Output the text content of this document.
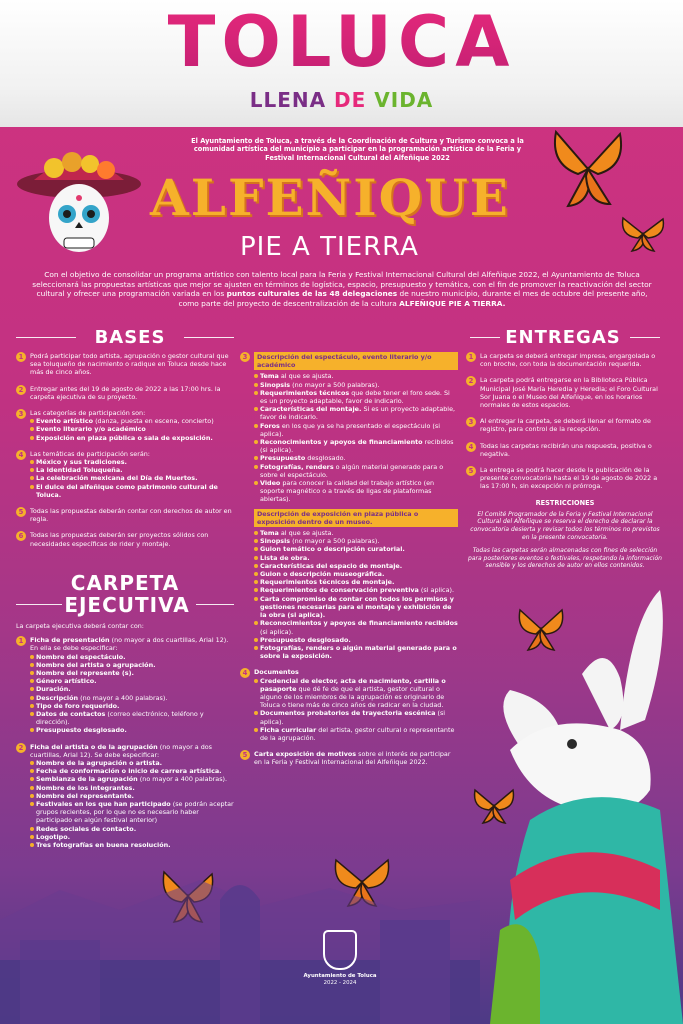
TOLUCA
LLENA DE VIDA
El Ayuntamiento de Toluca, a través de la Coordinación de Cultura y Turismo convoca a la comunidad artística del municipio a participar en la programación artística de la Feria y Festival Internacional Cultural del Alfeñique 2022
ALFEÑIQUE
PIE A TIERRA
Con el objetivo de consolidar un programa artístico con talento local para la Feria y Festival Internacional Cultural del Alfeñique 2022, el Ayuntamiento de Toluca seleccionará las propuestas artísticas que mejor se ajusten en términos de logística, espacio, presupuesto y temática, con el fin de promover la reactivación del sector cultural y ofrecer una programación variada en los puntos culturales de las 48 delegaciones de nuestro municipio, durante el mes de octubre del presente año, como parte del proyecto de descentralización de la cultura ALFEÑIQUE PIE A TIERRA.
BASES	ENTREGAS
1	Podrá participar todo artista, agrupación o gestor cultural que sea toluqueño de nacimiento o radique en Toluca desde hace más de cinco años.
2	Entregar antes del 19 de agosto de 2022 a las 17:00 hrs. la carpeta ejecutiva de su proyecto.
3	Las categorías de participación son:
Evento artístico (danza, puesta en escena, concierto)
Evento literario y/o académico
Exposición en plaza pública o sala de exposición.
4	Las temáticas de participación serán:
México y sus tradiciones.
La identidad Toluqueña.
La celebración mexicana del Día de Muertos.
El dulce del alfeñique como patrimonio cultural de Toluca.
5	Todas las propuestas deberán contar con derechos de autor en regla.
6	Todas las propuestas deberán ser proyectos sólidos con necesidades específicas de rider y montaje.
CARPETA
EJECUTIVA
La carpeta ejecutiva deberá contar con:
1	Ficha de presentación (no mayor a dos cuartillas, Arial 12). En ella se debe especificar:
Nombre del espectáculo.
Nombre del artista o agrupación.
Nombre del represente (s).
Género artístico.
Duración.
Descripción (no mayor a 400 palabras).
Tipo de foro requerido.
Datos de contactos (correo electrónico, teléfono y dirección).
Presupuesto desglosado.
2	Ficha del artista o de la agrupación (no mayor a dos cuartillas, Arial 12). Se debe especificar:
Nombre de la agrupación o artista.
Fecha de conformación o inicio de carrera artística.
Semblanza de la agrupación (no mayor a 400 palabras).
Nombre de los integrantes.
Nombre del representante.
Festivales en los que han participado (se podrán aceptar grupos recientes, por lo que no es necesario haber participado en algún festival anterior)
Redes sociales de contacto.
Logotipo.
Tres fotografías en buena resolución.
3	Descripción del espectáculo, evento literario y/o académico
Tema al que se ajusta.
Sinopsis (no mayor a 500 palabras).
Requerimientos técnicos que debe tener el foro sede. Si es un proyecto adaptable, favor de indicarlo.
Características del montaje. Si es un proyecto adaptable, favor de indicarlo.
Foros en los que ya se ha presentado el espectáculo (si aplica).
Reconocimientos y apoyos de financiamiento recibidos (si aplica).
Presupuesto desglosado.
Fotografías, renders o algún material generado para o sobre el espectáculo.
Video para conocer la calidad del trabajo artístico (en soporte magnético o a través de ligas de plataformas abiertas).
Descripción de exposición en plaza pública o exposición dentro de un museo.
Tema al que se ajusta.
Sinopsis (no mayor a 500 palabras).
Guion temático o descripción curatorial.
Lista de obra.
Características del espacio de montaje.
Guion o descripción museográfica.
Requerimientos técnicos de montaje.
Requerimientos de conservación preventiva (si aplica).
Carta compromiso de contar con todos los permisos y gestiones necesarias para el montaje y exhibición de la obra (si aplica).
Reconocimientos y apoyos de financiamiento recibidos (si aplica).
Presupuesto desglosado.
Fotografías, renders o algún material generado para o sobre la exposición.
4	Documentos
Credencial de elector, acta de nacimiento, cartilla o pasaporte que dé fe de que el artista, gestor cultural o alguno de los miembros de la agrupación es originario de Toluca o tiene más de cinco años de radicar en la ciudad.
Documentos probatorios de trayectoria escénica (si aplica).
Ficha curricular del artista, gestor cultural o representante de la agrupación.
5	Carta exposición de motivos sobre el interés de participar en la Feria y Festival Internacional del Alfeñique 2022.
1	La carpeta se deberá entregar impresa, engargolada o con broche, con toda la documentación requerida.
2	La carpeta podrá entregarse en la Biblioteca Pública Municipal José María Heredia y Heredia; el Foro Cultural Sor Juana o el Museo del Alfeñique, en los horarios normales de estos espacios.
3	Al entregar la carpeta, se deberá llenar el formato de registro, para control de la recepción.
4	Todas las carpetas recibirán una respuesta, positiva o negativa.
5	La entrega se podrá hacer desde la publicación de la presente convocatoria hasta el 19 de agosto de 2022 a las 17:00 h, sin excepción ni prórroga.
RESTRICCIONES
El Comité Programador de la Feria y Festival Internacional Cultural del Alfeñique se reserva el derecho de declarar la convocatoria desierta y revisar todos los términos no previstos en la presente convocatoria.
Todas las carpetas serán almacenadas con fines de selección para posteriores eventos o festivales, respetando la información sensible y los derechos de autor en ellos contenidos.
Ayuntamiento de Toluca
2022 - 2024
